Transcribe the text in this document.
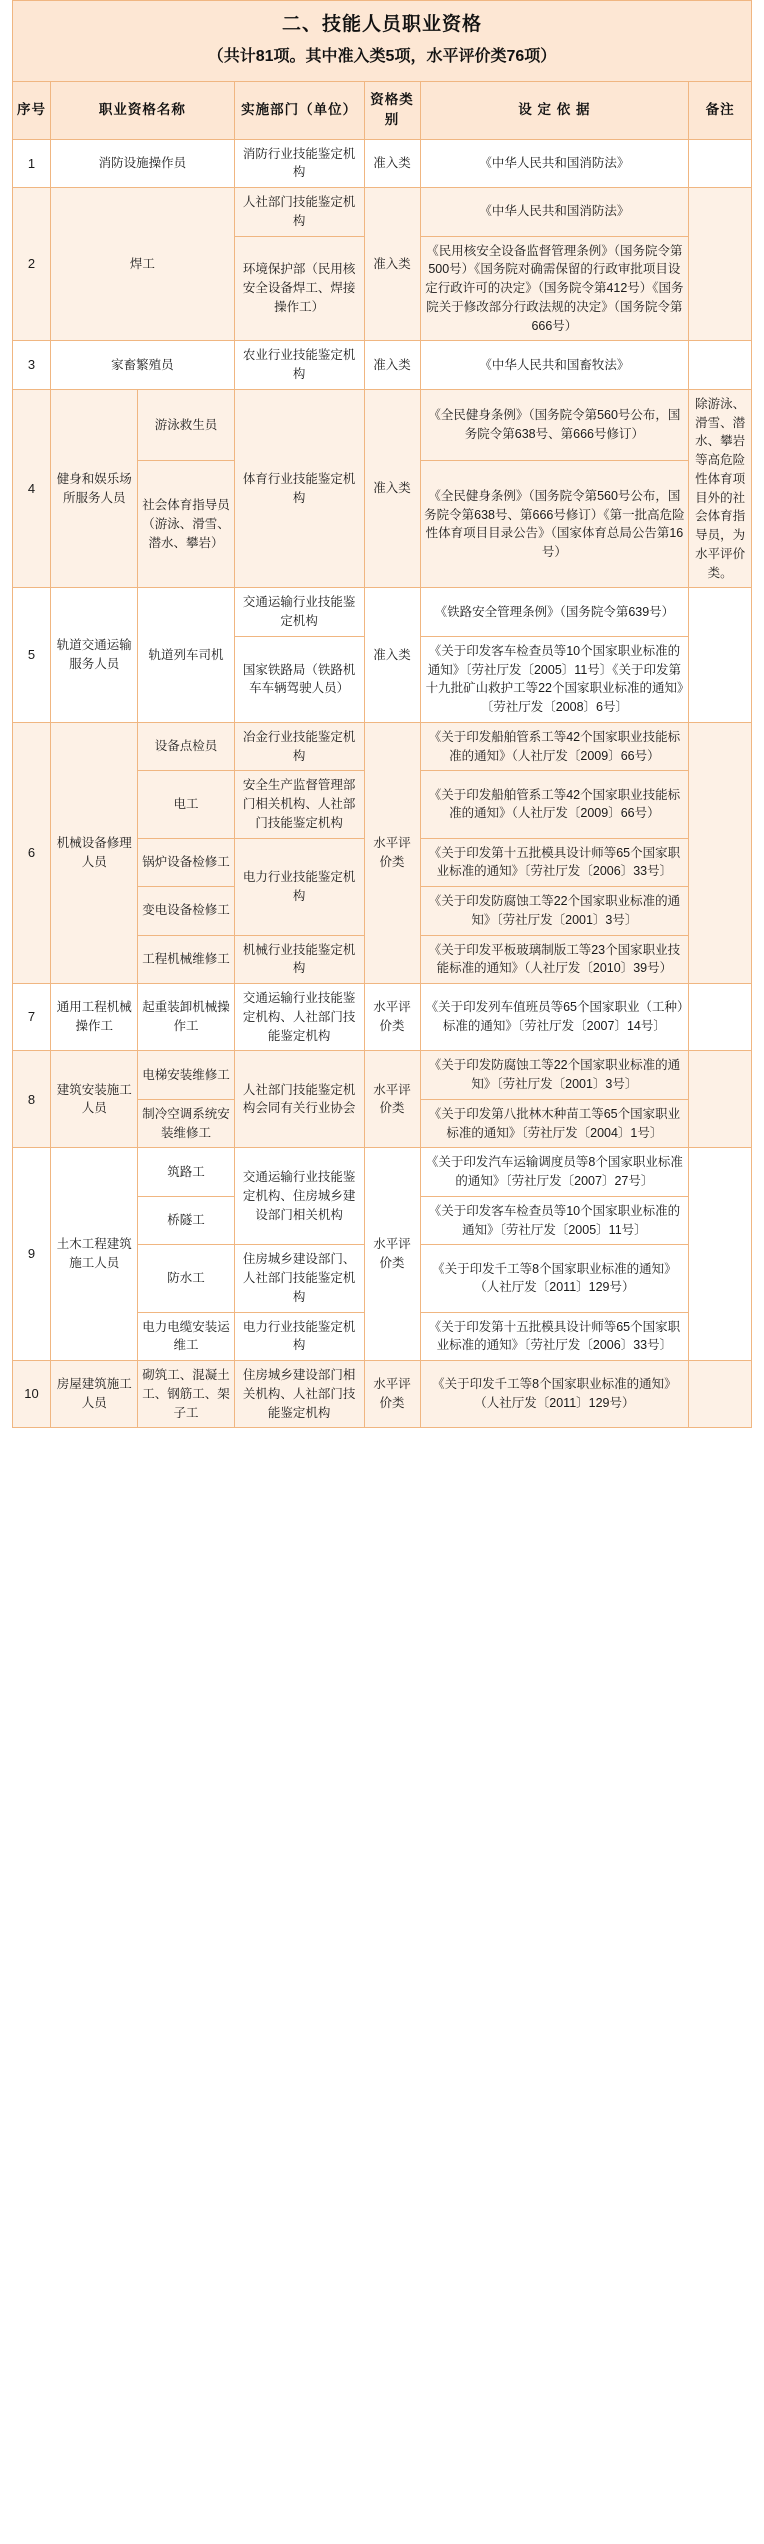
二、技能人员职业资格
（共计81项。其中准入类5项，水平评价类76项）
序号	职业资格名称		实施部门（单位）	资格类别	设 定 依 据	备注
1	消防设施操作员		消防行业技能鉴定机构	准入类	《中华人民共和国消防法》	
2	焊工		人社部门技能鉴定机构	准入类	《中华人民共和国消防法》	
			环境保护部（民用核安全设备焊工、焊接操作工）		《民用核安全设备监督管理条例》（国务院令第500号）《国务院对确需保留的行政审批项目设定行政许可的决定》（国务院令第412号）《国务院关于修改部分行政法规的决定》（国务院令第666号）	
3	家畜繁殖员		农业行业技能鉴定机构	准入类	《中华人民共和国畜牧法》	
4	健身和娱乐场所服务人员	游泳救生员	体育行业技能鉴定机构	准入类	《全民健身条例》（国务院令第560号公布，国务院令第638号、第666号修订）	除游泳、滑雪、潜水、攀岩等高危险性体育项目外的社会体育指导员，为水平评价类。
		社会体育指导员（游泳、滑雪、潜水、攀岩）			《全民健身条例》（国务院令第560号公布，国务院令第638号、第666号修订）《第一批高危险性体育项目目录公告》（国家体育总局公告第16号）	
5	轨道交通运输服务人员	轨道列车司机	交通运输行业技能鉴定机构	准入类	《铁路安全管理条例》（国务院令第639号）	
			国家铁路局（铁路机车车辆驾驶人员）		《关于印发客车检查员等10个国家职业标准的通知》〔劳社厅发〔2005〕11号〕《关于印发第十九批矿山救护工等22个国家职业标准的通知》〔劳社厅发〔2008〕6号〕	
6	机械设备修理人员	设备点检员	冶金行业技能鉴定机构	水平评价类	《关于印发船舶管系工等42个国家职业技能标准的通知》（人社厅发〔2009〕66号）	
		电工	安全生产监督管理部门相关机构、人社部门技能鉴定机构		《关于印发船舶管系工等42个国家职业技能标准的通知》（人社厅发〔2009〕66号）	
		锅炉设备检修工	电力行业技能鉴定机构		《关于印发第十五批模具设计师等65个国家职业标准的通知》〔劳社厅发〔2006〕33号〕	
		变电设备检修工			《关于印发防腐蚀工等22个国家职业标准的通知》〔劳社厅发〔2001〕3号〕	
		工程机械维修工	机械行业技能鉴定机构		《关于印发平板玻璃制版工等23个国家职业技能标准的通知》（人社厅发〔2010〕39号）	
7	通用工程机械操作工	起重装卸机械操作工	交通运输行业技能鉴定机构、人社部门技能鉴定机构	水平评价类	《关于印发列车值班员等65个国家职业（工种）标准的通知》〔劳社厅发〔2007〕14号〕	
8	建筑安装施工人员	电梯安装维修工	人社部门技能鉴定机构会同有关行业协会	水平评价类	《关于印发防腐蚀工等22个国家职业标准的通知》〔劳社厅发〔2001〕3号〕	
		制冷空调系统安装维修工			《关于印发第八批林木种苗工等65个国家职业标准的通知》〔劳社厅发〔2004〕1号〕	
9	土木工程建筑施工人员	筑路工	交通运输行业技能鉴定机构、住房城乡建设部门相关机构	水平评价类	《关于印发汽车运输调度员等8个国家职业标准的通知》〔劳社厅发〔2007〕27号〕	
		桥隧工			《关于印发客车检查员等10个国家职业标准的通知》〔劳社厅发〔2005〕11号〕	
		防水工	住房城乡建设部门、人社部门技能鉴定机构		《关于印发千工等8个国家职业标准的通知》（人社厅发〔2011〕129号）	
		电力电缆安装运维工	电力行业技能鉴定机构		《关于印发第十五批模具设计师等65个国家职业标准的通知》〔劳社厅发〔2006〕33号〕	
10	房屋建筑施工人员	砌筑工、混凝土工、钢筋工、架子工	住房城乡建设部门相关机构、人社部门技能鉴定机构	水平评价类	《关于印发千工等8个国家职业标准的通知》（人社厅发〔2011〕129号）	
